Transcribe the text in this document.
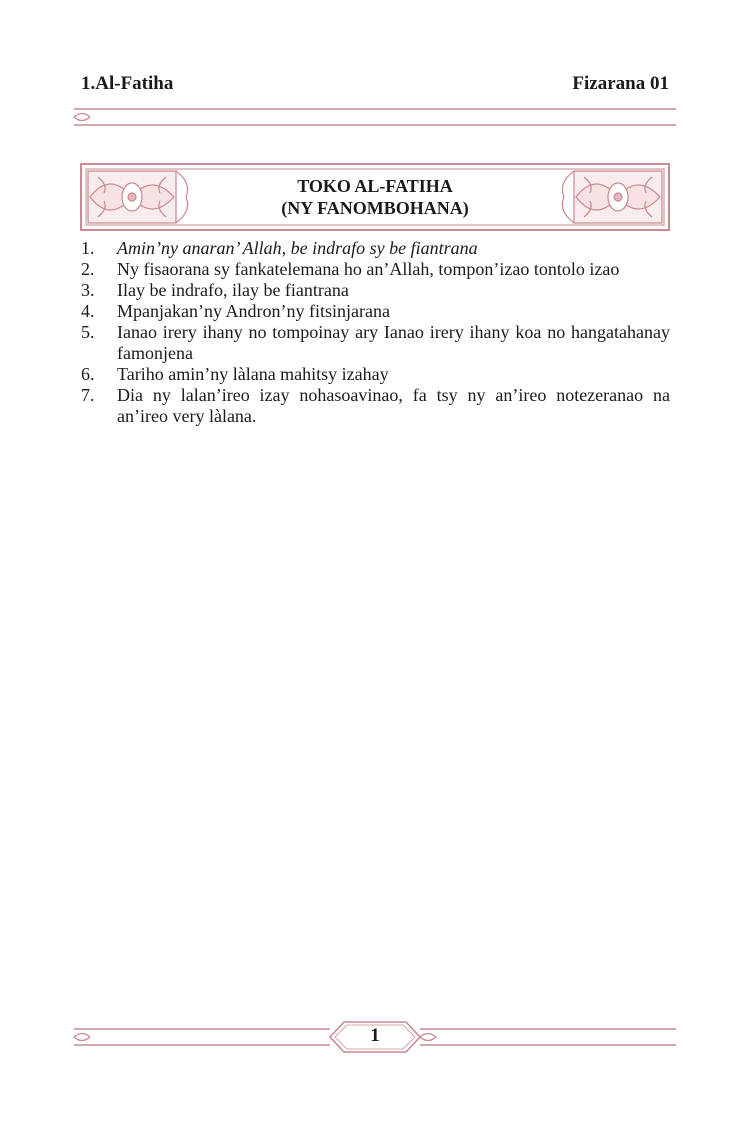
1.Al-Fatiha	Fizarana 01
TOKO AL-FATIHA
(NY FANOMBOHANA)
1.	Amin’ny anaran’ Allah, be indrafo sy be fiantrana
2.	Ny fisaorana sy fankatelemana ho an’Allah, tompon’izao tontolo izao
3.	Ilay be indrafo, ilay be fiantrana
4.	Mpanjakan’ny Andron’ny fitsinjarana
5.	Ianao irery ihany no tompoinay ary Ianao irery ihany koa no hangatahanay famonjena
6.	Tariho amin’ny làlana mahitsy izahay
7.	Dia ny lalan’ireo izay nohasoavinao, fa tsy ny an’ireo notezeranao na an’ireo very làlana.
1
